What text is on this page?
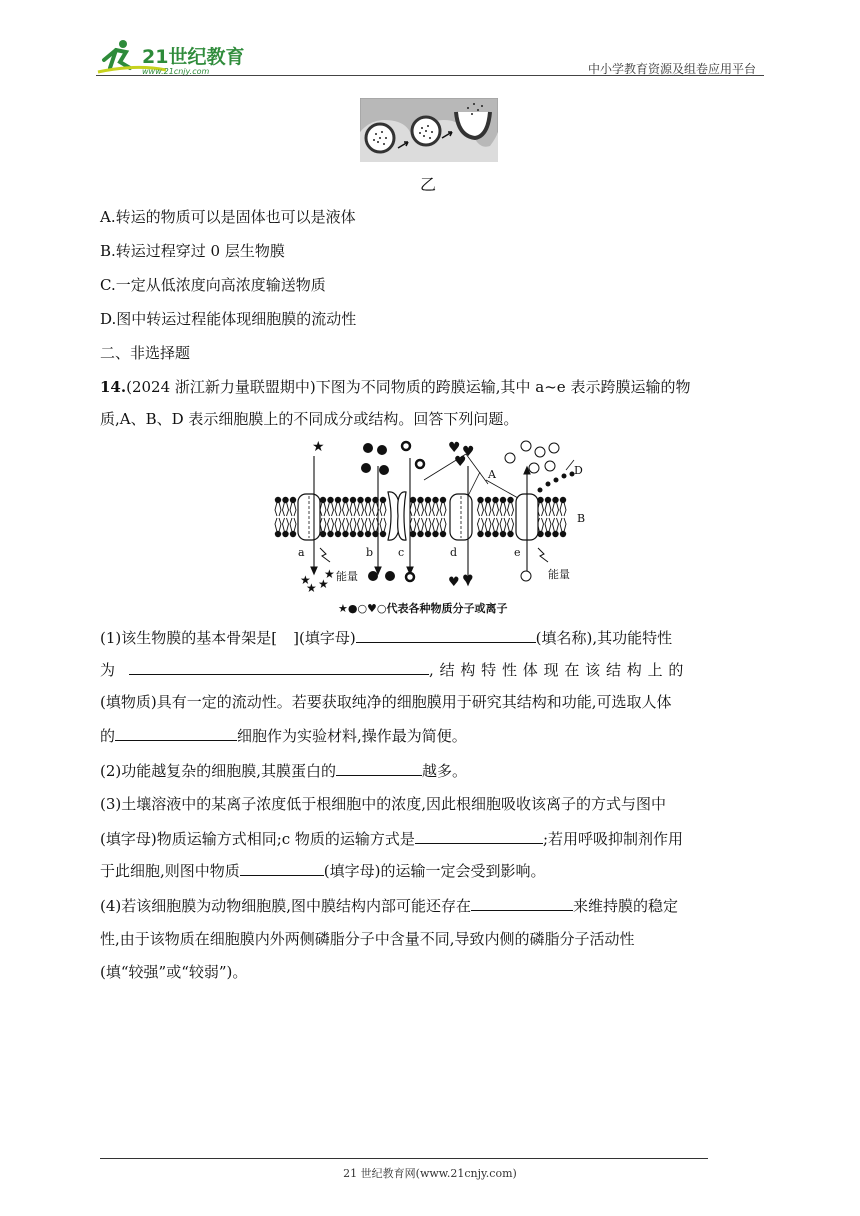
21世纪教育
www.21cnjy.com	中小学教育资源及组卷应用平台
乙
A.转运的物质可以是固体也可以是液体
B.转运过程穿过 0 层生物膜
C.一定从低浓度向高浓度输送物质
D.图中转运过程能体现细胞膜的流动性
二、非选择题
14.(2024 浙江新力量联盟期中)下图为不同物质的跨膜运输,其中 a~e 表示跨膜运输的物
质,A、B、D 表示细胞膜上的不同成分或结构。回答下列问题。
★
★
★ ★
★
♥ ♥
♥
♥ ♥
A
B
D
a	b c	d	e
能量	能量
★●○♥○代表各种物质分子或离子
(1)该生物膜的基本骨架是[ ](填字母)	(填名称),其功能特性
为	,结构特性体现在该结构上的
(填物质)具有一定的流动性。若要获取纯净的细胞膜用于研究其结构和功能,可选取人体
的	细胞作为实验材料,操作最为简便。
(2)功能越复杂的细胞膜,其膜蛋白的	越多。
(3)土壤溶液中的某离子浓度低于根细胞中的浓度,因此根细胞吸收该离子的方式与图中
(填字母)物质运输方式相同;c 物质的运输方式是	;若用呼吸抑制剂作用
于此细胞,则图中物质	(填字母)的运输一定会受到影响。
(4)若该细胞膜为动物细胞膜,图中膜结构内部可能还存在	来维持膜的稳定
性,由于该物质在细胞膜内外两侧磷脂分子中含量不同,导致内侧的磷脂分子活动性
(填“较强”或“较弱”)。
21 世纪教育网(www.21cnjy.com)
